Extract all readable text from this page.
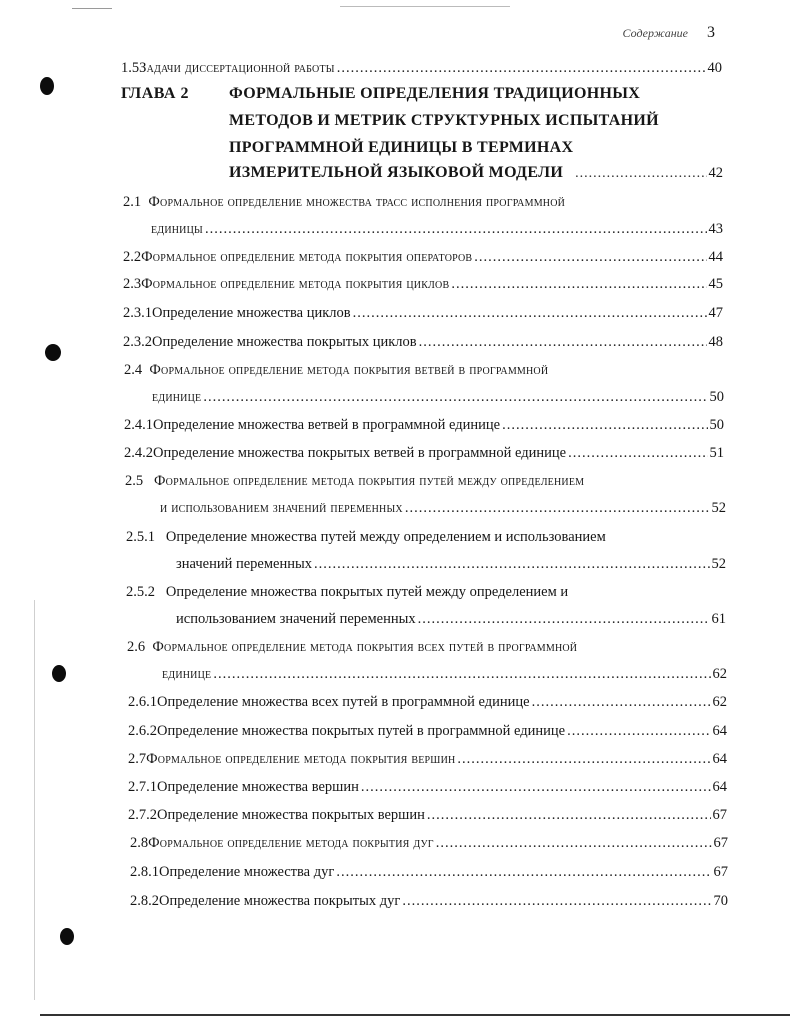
Содержание 3
1.5 Задачи диссертационной работы .....	40
ГЛАВА 2	ФОРМАЛЬНЫЕ ОПРЕДЕЛЕНИЯ ТРАДИЦИОННЫХ
МЕТОДОВ И МЕТРИК СТРУКТУРНЫХ ИСПЫТАНИЙ
ПРОГРАММНОЙ ЕДИНИЦЫ В ТЕРМИНАХ
ИЗМЕРИТЕЛЬНОЙ ЯЗЫКОВОЙ МОДЕЛИ .....	42
2.1 Формальное определение множества трасс исполнения программной
единицы .....	43
2.2 Формальное определение метода покрытия операторов .....	44
2.3 Формальное определение метода покрытия циклов .....	45
2.3.1 Определение множества циклов .....	47
2.3.2 Определение множества покрытых циклов .....	48
2.4 Формальное определение метода покрытия ветвей в программной
единице .....	50
2.4.1 Определение множества ветвей в программной единице .....	50
2.4.2 Определение множества покрытых ветвей в программной единице .....	51
2.5 Формальное определение метода покрытия путей между определением
и использованием значений переменных .....	52
2.5.1 Определение множества путей между определением и использованием
значений переменных .....	52
2.5.2 Определение множества покрытых путей между определением и
использованием значений переменных .....	61
2.6 Формальное определение метода покрытия всех путей в программной
единице .....	62
2.6.1 Определение множества всех путей в программной единице .....	62
2.6.2 Определение множества покрытых путей в программной единице .....	64
2.7 Формальное определение метода покрытия вершин .....	64
2.7.1 Определение множества вершин .....	64
2.7.2 Определение множества покрытых вершин .....	67
2.8 Формальное определение метода покрытия дуг .....	67
2.8.1 Определение множества дуг .....	67
2.8.2 Определение множества покрытых дуг .....	70
